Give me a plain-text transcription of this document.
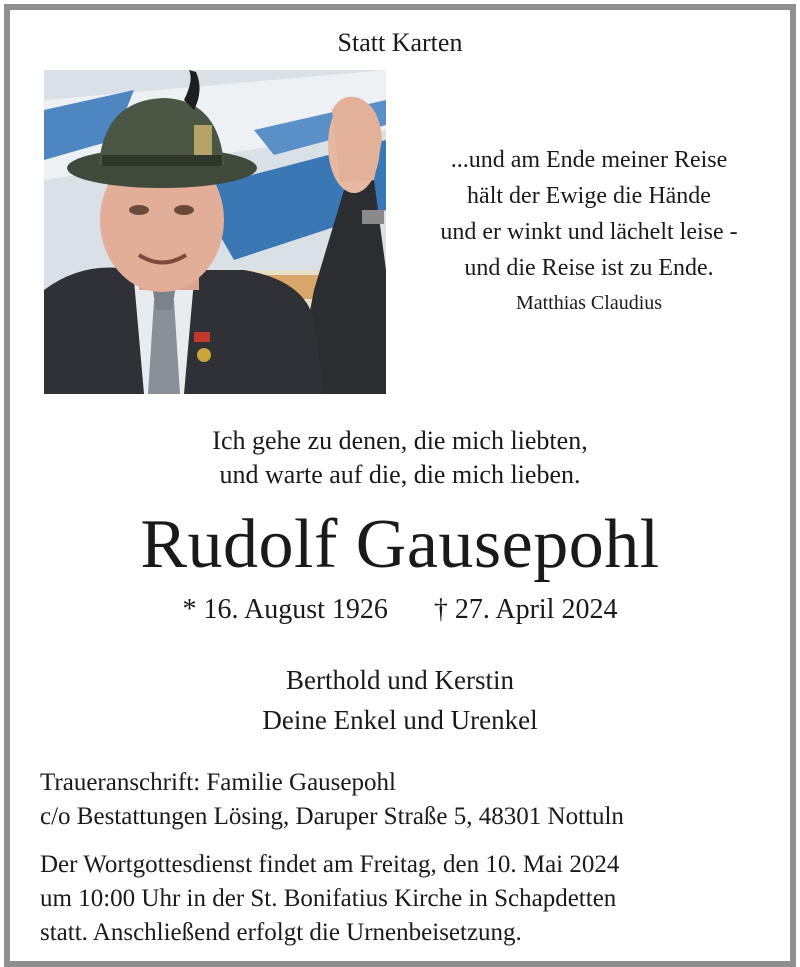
Statt Karten
...und am Ende meiner Reise
hält der Ewige die Hände
und er winkt und lächelt leise -
und die Reise ist zu Ende.
Matthias Claudius
Ich gehe zu denen, die mich liebten,
und warte auf die, die mich lieben.
Rudolf Gausepohl
* 16. August 1926 † 27. April 2024
Berthold und Kerstin
Deine Enkel und Urenkel
Traueranschrift: Familie Gausepohl
c/o Bestattungen Lösing, Daruper Straße 5, 48301 Nottuln
Der Wortgottesdienst findet am Freitag, den 10. Mai 2024
um 10:00 Uhr in der St. Bonifatius Kirche in Schapdetten
statt. Anschließend erfolgt die Urnenbeisetzung.
